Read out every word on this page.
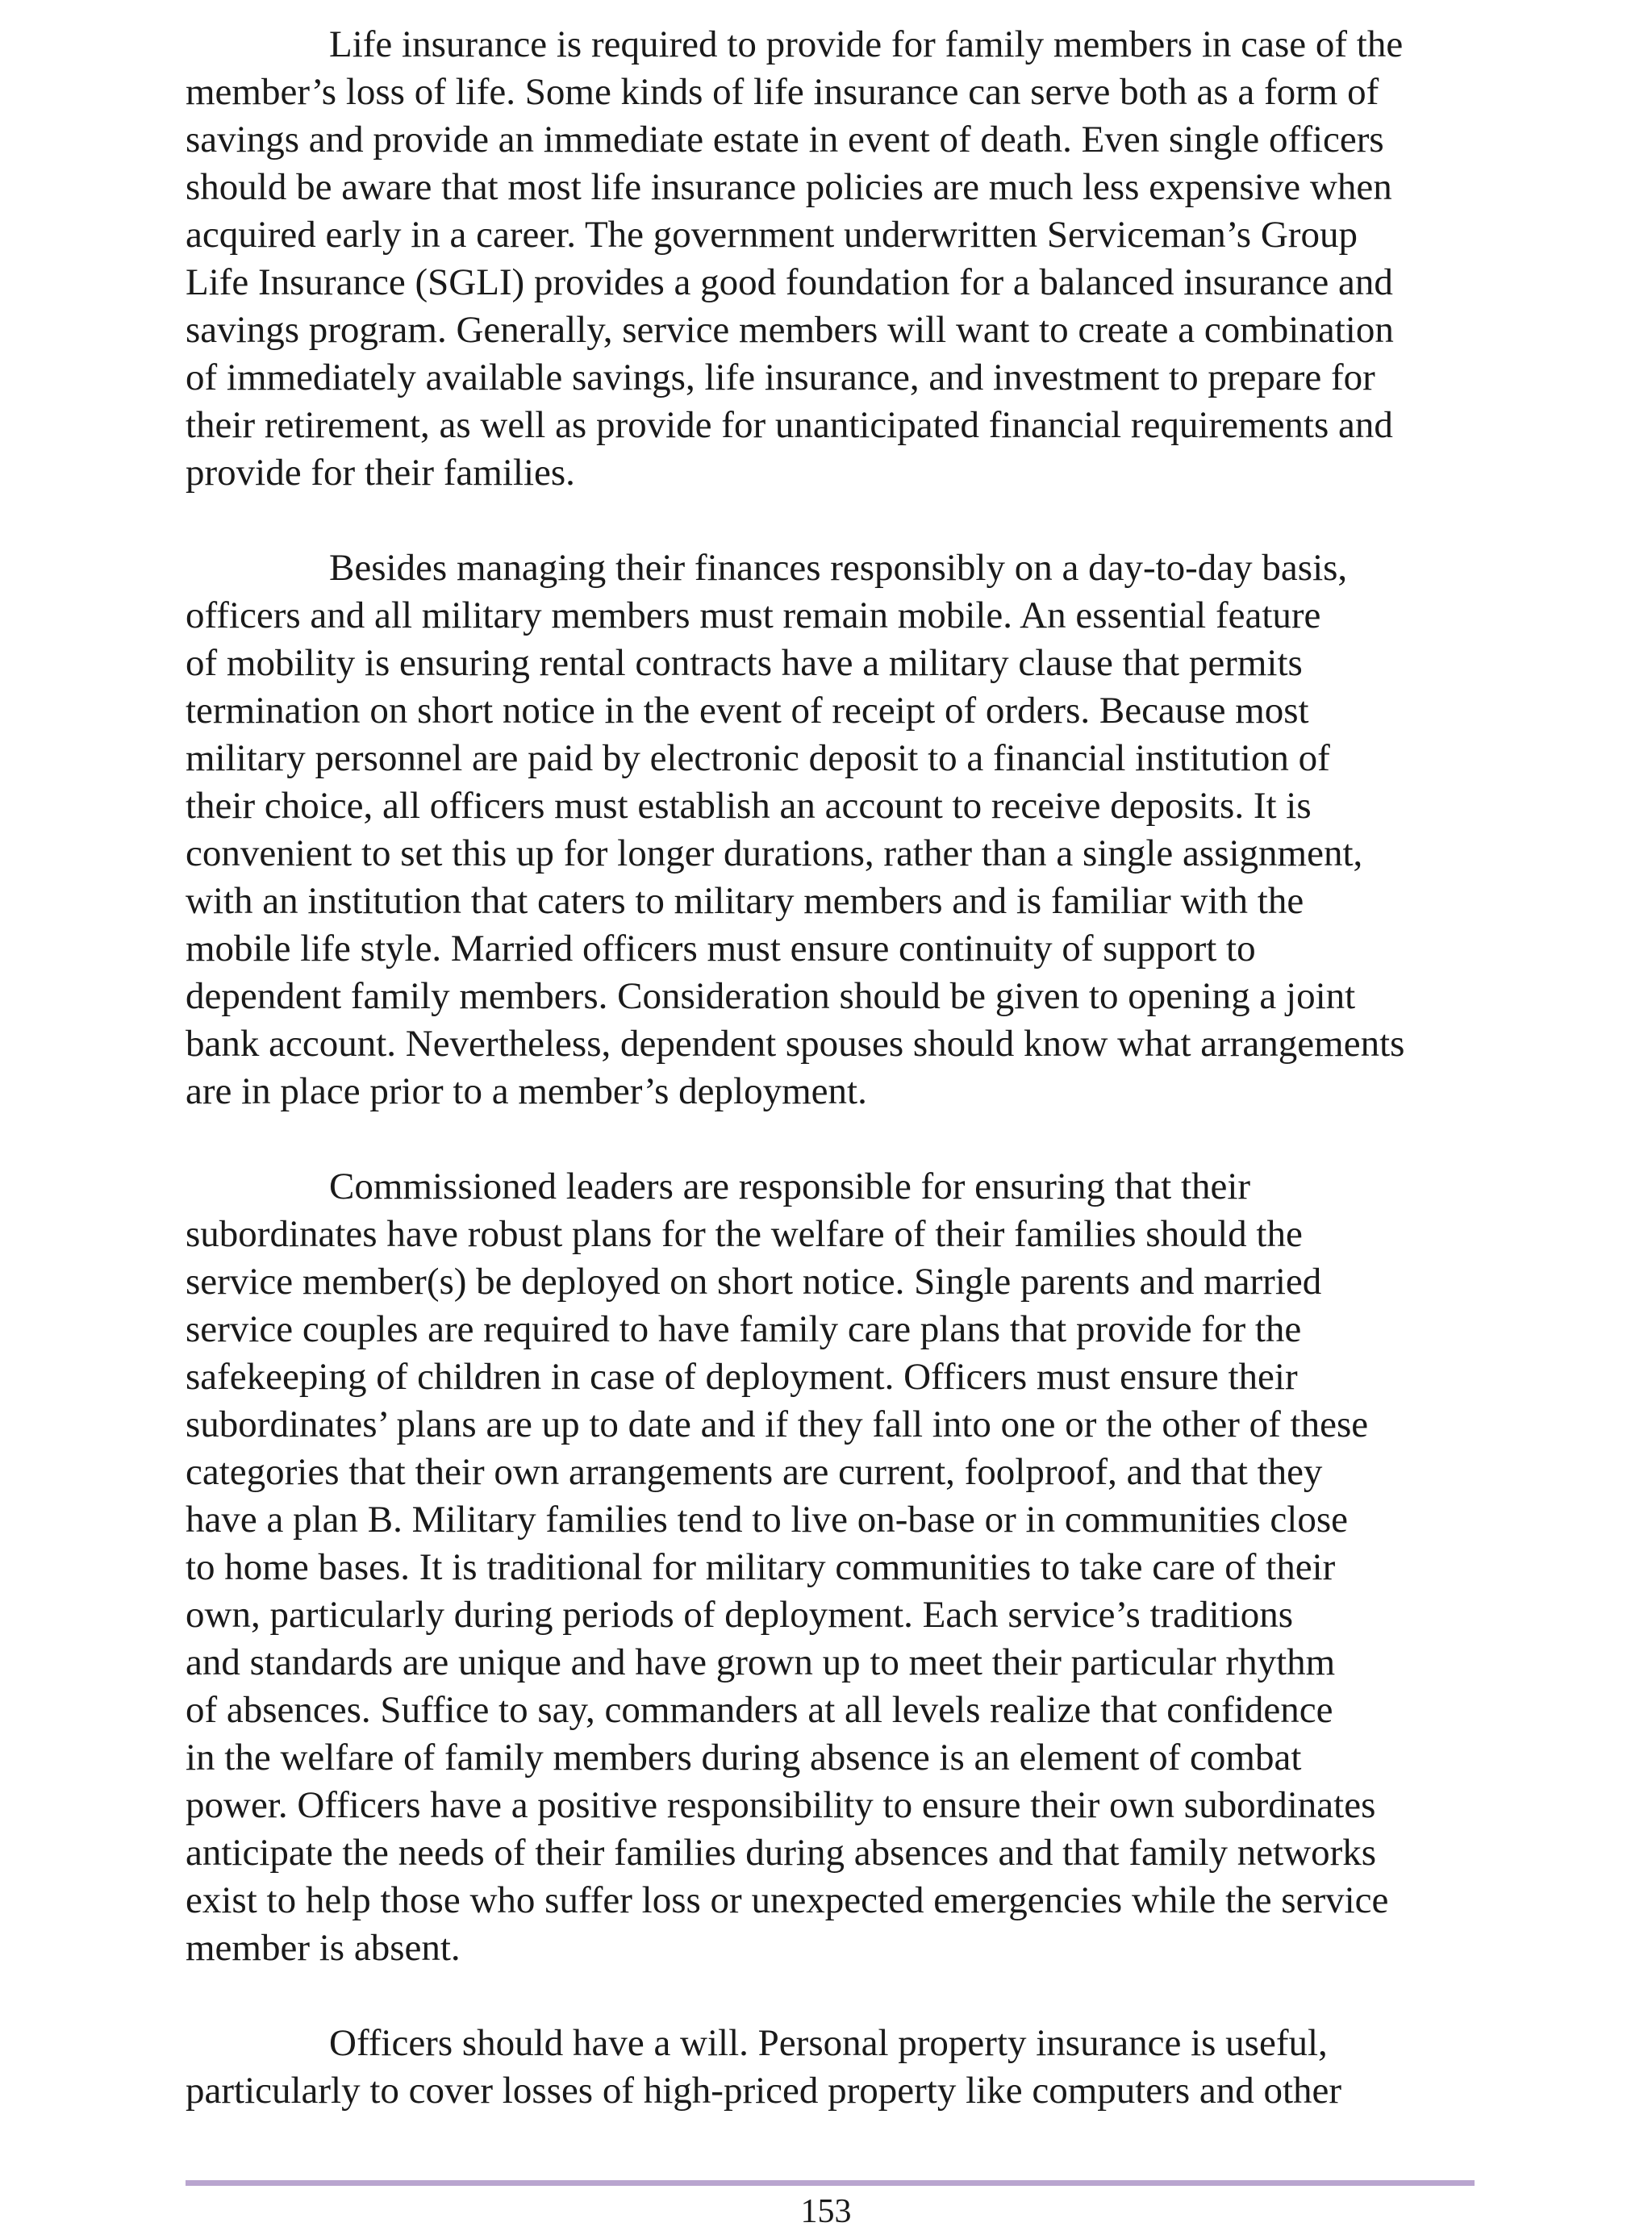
Life insurance is required to provide for family members in case of the
member’s loss of life. Some kinds of life insurance can serve both as a form of
savings and provide an immediate estate in event of death. Even single officers
should be aware that most life insurance policies are much less expensive when
acquired early in a career. The government underwritten Serviceman’s Group
Life Insurance (SGLI) provides a good foundation for a balanced insurance and
savings program. Generally, service members will want to create a combination
of immediately available savings, life insurance, and investment to prepare for
their retirement, as well as provide for unanticipated financial requirements and
provide for their families.

Besides managing their finances responsibly on a day-to-day basis,
officers and all military members must remain mobile. An essential feature
of mobility is ensuring rental contracts have a military clause that permits
termination on short notice in the event of receipt of orders. Because most
military personnel are paid by electronic deposit to a financial institution of
their choice, all officers must establish an account to receive deposits. It is
convenient to set this up for longer durations, rather than a single assignment,
with an institution that caters to military members and is familiar with the
mobile life style. Married officers must ensure continuity of support to
dependent family members. Consideration should be given to opening a joint
bank account. Nevertheless, dependent spouses should know what arrangements
are in place prior to a member’s deployment.

Commissioned leaders are responsible for ensuring that their
subordinates have robust plans for the welfare of their families should the
service member(s) be deployed on short notice. Single parents and married
service couples are required to have family care plans that provide for the
safekeeping of children in case of deployment. Officers must ensure their
subordinates’ plans are up to date and if they fall into one or the other of these
categories that their own arrangements are current, foolproof, and that they
have a plan B. Military families tend to live on-base or in communities close
to home bases. It is traditional for military communities to take care of their
own, particularly during periods of deployment. Each service’s traditions
and standards are unique and have grown up to meet their particular rhythm
of absences. Suffice to say, commanders at all levels realize that confidence
in the welfare of family members during absence is an element of combat
power. Officers have a positive responsibility to ensure their own subordinates
anticipate the needs of their families during absences and that family networks
exist to help those who suffer loss or unexpected emergencies while the service
member is absent.

Officers should have a will. Personal property insurance is useful,
particularly to cover losses of high-priced property like computers and other

153
